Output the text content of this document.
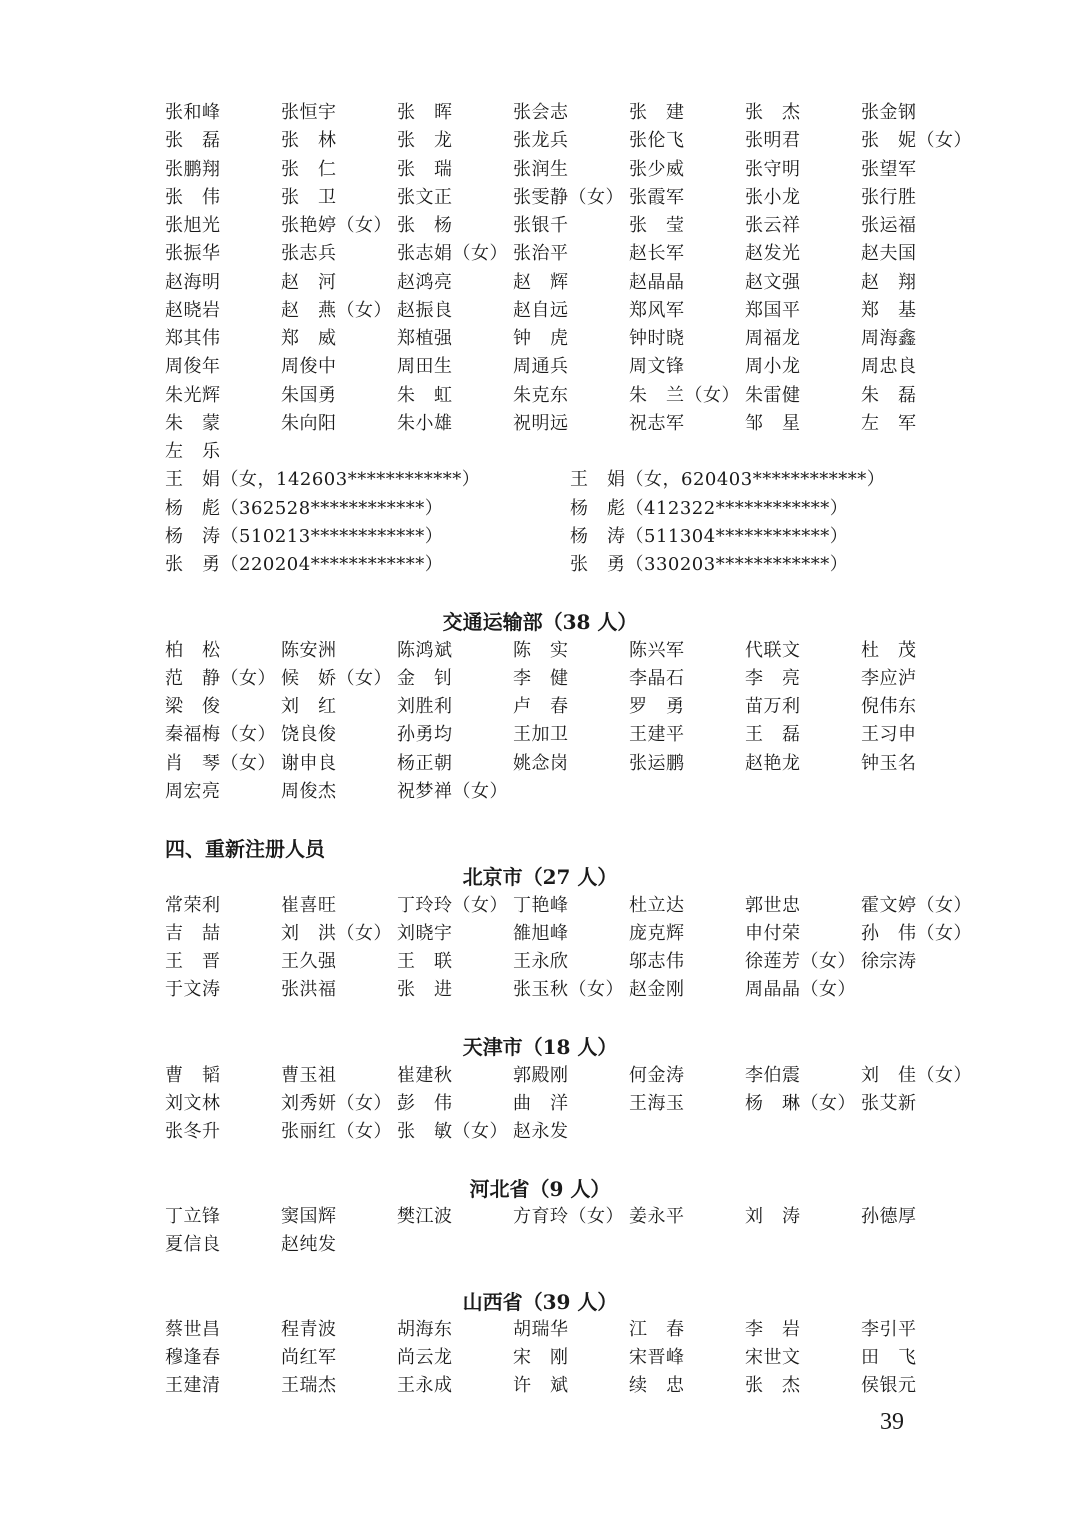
张和峰	张恒宇	张　晖	张会志	张　建	张　杰	张金钢
张　磊	张　林	张　龙	张龙兵	张伦飞	张明君	张　妮（女）
张鹏翔	张　仁	张　瑞	张润生	张少威	张守明	张望军
张　伟	张　卫	张文正	张雯静（女） 张霞军	张小龙	张行胜
张旭光	张艳婷（女） 张　杨	张银千	张　莹	张云祥	张运福
张振华	张志兵	张志娟（女） 张治平	赵长军	赵发光	赵夫国
赵海明	赵　河	赵鸿亮	赵　辉	赵晶晶	赵文强	赵　翔
赵晓岩	赵　燕（女） 赵振良	赵自远	郑风军	郑国平	郑　基
郑其伟	郑　威	郑植强	钟　虎	钟时晓	周福龙	周海鑫
周俊年	周俊中	周田生	周通兵	周文锋	周小龙	周忠良
朱光辉	朱国勇	朱　虹	朱克东	朱　兰（女） 朱雷健	朱　磊
朱　蒙	朱向阳	朱小雄	祝明远	祝志军	邹　星	左　军
左　乐
王　娟（女，142603************）	王　娟（女，620403************）
杨　彪（362528************）	杨　彪（412322************）
杨　涛（510213************）	杨　涛（511304************）
张　勇（220204************）	张　勇（330203************）
交通运输部（38 人）
柏　松	陈安洲	陈鸿斌	陈　实	陈兴军	代联文	杜　茂
范　静（女） 候　娇（女） 金　钊	李　健	李晶石	李　亮	李应泸
梁　俊	刘　红	刘胜利	卢　春	罗　勇	苗万利	倪伟东
秦福梅（女） 饶良俊	孙勇均	王加卫	王建平	王　磊	王习申
肖　琴（女） 谢申良	杨正朝	姚念岗	张运鹏	赵艳龙	钟玉名
周宏亮	周俊杰	祝梦禅（女）
四、重新注册人员
北京市（27 人）
常荣利	崔喜旺	丁玲玲（女） 丁艳峰	杜立达	郭世忠	霍文婷（女）
吉　喆	刘　洪（女） 刘晓宇	雒旭峰	庞克辉	申付荣	孙　伟（女）
王　晋	王久强	王　联	王永欣	邬志伟	徐莲芳（女） 徐宗涛
于文涛	张洪福	张　进	张玉秋（女） 赵金刚	周晶晶（女）
天津市（18 人）
曹　韬	曹玉祖	崔建秋	郭殿刚	何金涛	李伯震	刘　佳（女）
刘文林	刘秀妍（女） 彭　伟	曲　洋	王海玉	杨　琳（女） 张艾新
张冬升	张丽红（女） 张　敏（女） 赵永发
河北省（9 人）
丁立锋	窦国辉	樊江波	方育玲（女） 姜永平	刘　涛	孙德厚
夏信良	赵纯发
山西省（39 人）
蔡世昌	程青波	胡海东	胡瑞华	江　春	李　岩	李引平
穆逢春	尚红军	尚云龙	宋　刚	宋晋峰	宋世文	田　飞
王建清	王瑞杰	王永成	许　斌	续　忠	张　杰	侯银元
39
